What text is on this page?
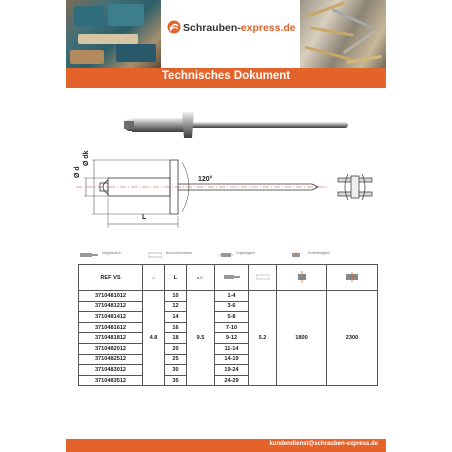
Schrauben-express.de
Technisches Dokument
Ø d
Ø dk
120°
L
Klingdauslch	Bohrdurchmesser	Zugfestigkeit	Scherfestigkeit
REF VS	d	L	ø.K.				
3710481012	4.8	10	9.5	1-4	5.2	1800	2300
3710481212		12		3-6			
3710481412		14		5-8			
3710481612		16		7-10			
3710481812		18		9-12			
3710482012		20		11-14			
3710482512		25		14-19			
3710483012		30		19-24			
3710483512		35		24-29			
kundendienst@schrauben-express.de
